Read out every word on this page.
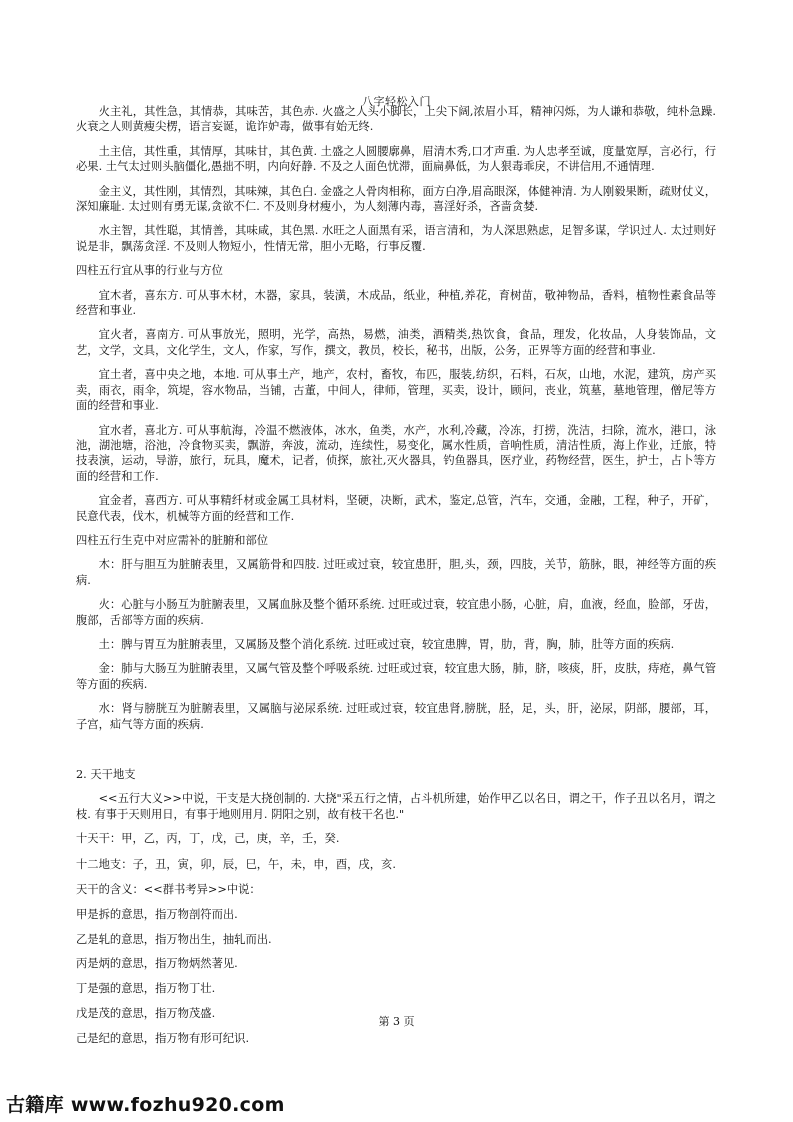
八字轻松入门

火主礼，其性急，其情恭，其味苦，其色赤. 火盛之人头小脚长，上尖下阔,浓眉小耳，精神闪烁，为人谦和恭敬，纯朴急躁. 火衰之人则黄瘦尖楞，语言妄诞，诡诈妒毒，做事有始无终.

土主信，其性重，其情厚，其味甘，其色黄. 土盛之人圆腰廓鼻，眉清木秀,口才声重. 为人忠孝至诚，度量宽厚，言必行，行必果. 土气太过则头脑僵化,愚拙不明，内向好静. 不及之人面色忧滞，面扁鼻低，为人狠毒乖戾，不讲信用,不通情理.

金主义，其性刚，其情烈，其味辣，其色白. 金盛之人骨肉相称，面方白净,眉高眼深，体健神清. 为人刚毅果断，疏财仗义，深知廉耻. 太过则有勇无谋,贪欲不仁. 不及则身材瘦小，为人刻薄内毒，喜淫好杀，吝啬贪婪.

水主智，其性聪，其情善，其味咸，其色黑. 水旺之人面黑有采，语言清和，为人深思熟虑，足智多谋，学识过人. 太过则好说是非，飘荡贪淫. 不及则人物短小，性情无常，胆小无略，行事反覆.

四柱五行宜从事的行业与方位

宜木者，喜东方. 可从事木材，木器，家具，装潢，木成品，纸业，种植,养花，育树苗，敬神物品，香料，植物性素食品等经营和事业.

宜火者，喜南方. 可从事放光，照明，光学，高热，易燃，油类，酒精类,热饮食，食品，理发，化妆品，人身装饰品，文艺，文学，文具，文化学生，文人，作家，写作，撰文，教员，校长，秘书，出版，公务，正界等方面的经营和事业.

宜土者，喜中央之地，本地. 可从事土产，地产，农村，畜牧，布匹，服装,纺织，石料，石灰，山地，水泥，建筑，房产买卖，雨衣，雨伞，筑堤，容水物品，当铺，古董，中间人，律师，管理，买卖，设计，顾问，丧业，筑墓，墓地管理，僧尼等方面的经营和事业.

宜水者，喜北方. 可从事航海，冷温不燃液体，冰水，鱼类，水产，水利,冷藏，冷冻，打捞，洗洁，扫除，流水，港口，泳池，湖池塘，浴池，冷食物买卖，飘游，奔波，流动，连续性，易变化，属水性质，音响性质，清洁性质，海上作业，迁旅，特技表演，运动，导游，旅行，玩具，魔术，记者，侦探，旅社,灭火器具，钓鱼器具，医疗业，药物经营，医生，护士，占卜等方面的经营和工作.

宜金者，喜西方. 可从事精纤材或金属工具材料，坚硬，决断，武术，鉴定,总管，汽车，交通，金融，工程，种子，开矿，民意代表，伐木，机械等方面的经营和工作.

四柱五行生克中对应需补的脏腑和部位

木：肝与胆互为脏腑表里，又属筋骨和四肢. 过旺或过衰，较宜患肝，胆,头，颈，四肢，关节，筋脉，眼，神经等方面的疾病.

火：心脏与小肠互为脏腑表里，又属血脉及整个循环系统. 过旺或过衰，较宜患小肠，心脏，肩，血液，经血，脸部，牙齿，腹部，舌部等方面的疾病.

土：脾与胃互为脏腑表里，又属肠及整个消化系统. 过旺或过衰，较宜患脾，胃，肋，背，胸，肺，肚等方面的疾病.

金：肺与大肠互为脏腑表里，又属气管及整个呼吸系统. 过旺或过衰，较宜患大肠，肺，脐，咳痰，肝，皮肤，痔疮，鼻气管等方面的疾病.

水：肾与膀胱互为脏腑表里，又属脑与泌尿系统. 过旺或过衰，较宜患肾,膀胱，胫，足，头，肝，泌尿，阴部，腰部，耳，子宫，疝气等方面的疾病.

2. 天干地支

<<五行大义>>中说，干支是大挠创制的. 大挠"采五行之情，占斗机所建，始作甲乙以名日，谓之干，作子丑以名月，谓之枝. 有事于天则用日，有事于地则用月. 阴阳之别，故有枝干名也."

十天干：甲，乙，丙，丁，戊，己，庚，辛，壬，癸.

十二地支：子，丑，寅，卯，辰，巳，午，未，申，酉，戌，亥.

天干的含义：<<群书考异>>中说：

甲是拆的意思，指万物剖符而出.

乙是轧的意思，指万物出生，抽轧而出.

丙是炳的意思，指万物炳然著见.

丁是强的意思，指万物丁壮.

戊是茂的意思，指万物茂盛.

己是纪的意思，指万物有形可纪识.

第 3 页
古籍库 www.fozhu920.com
